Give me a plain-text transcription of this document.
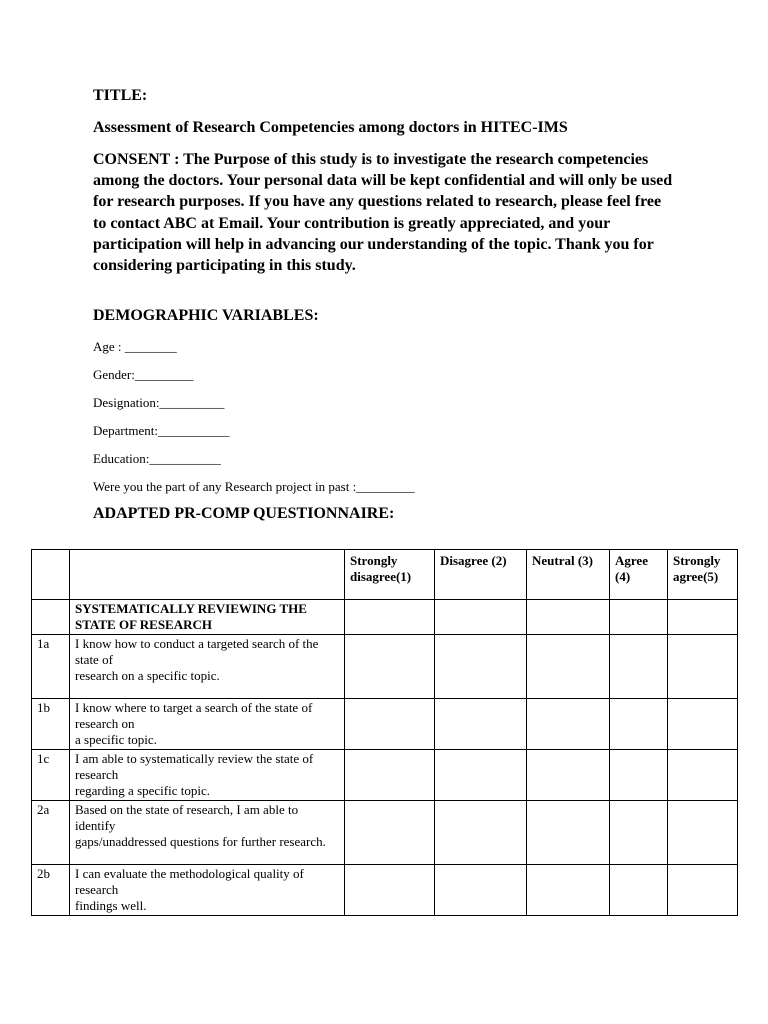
TITLE:
Assessment of Research Competencies among doctors in HITEC-IMS
CONSENT : The Purpose of this study is to investigate the research competencies among the doctors. Your personal data will be kept confidential and will only be used for research purposes. If you have any questions related to research, please feel free to contact ABC at Email. Your contribution is greatly appreciated, and your participation will help in advancing our understanding of the topic. Thank you for considering participating in this study.
DEMOGRAPHIC VARIABLES:
Age : ________
Gender:_________
Designation:__________
Department:___________
Education:___________
Were you the part of any Research project in past :_________
ADAPTED PR-COMP QUESTIONNAIRE:
		Strongly disagree(1)	Disagree (2)	Neutral (3)	Agree (4)	Strongly agree(5)
	SYSTEMATICALLY REVIEWING THE STATE OF RESEARCH					
1a	I know how to conduct a targeted search of the state of
research on a specific topic.					
1b	I know where to target a search of the state of research on
a specific topic.					
1c	I am able to systematically review the state of research
regarding a specific topic.					
2a	Based on the state of research, I am able to identify
gaps/unaddressed questions for further research.					
2b	I can evaluate the methodological quality of research
findings well.					
